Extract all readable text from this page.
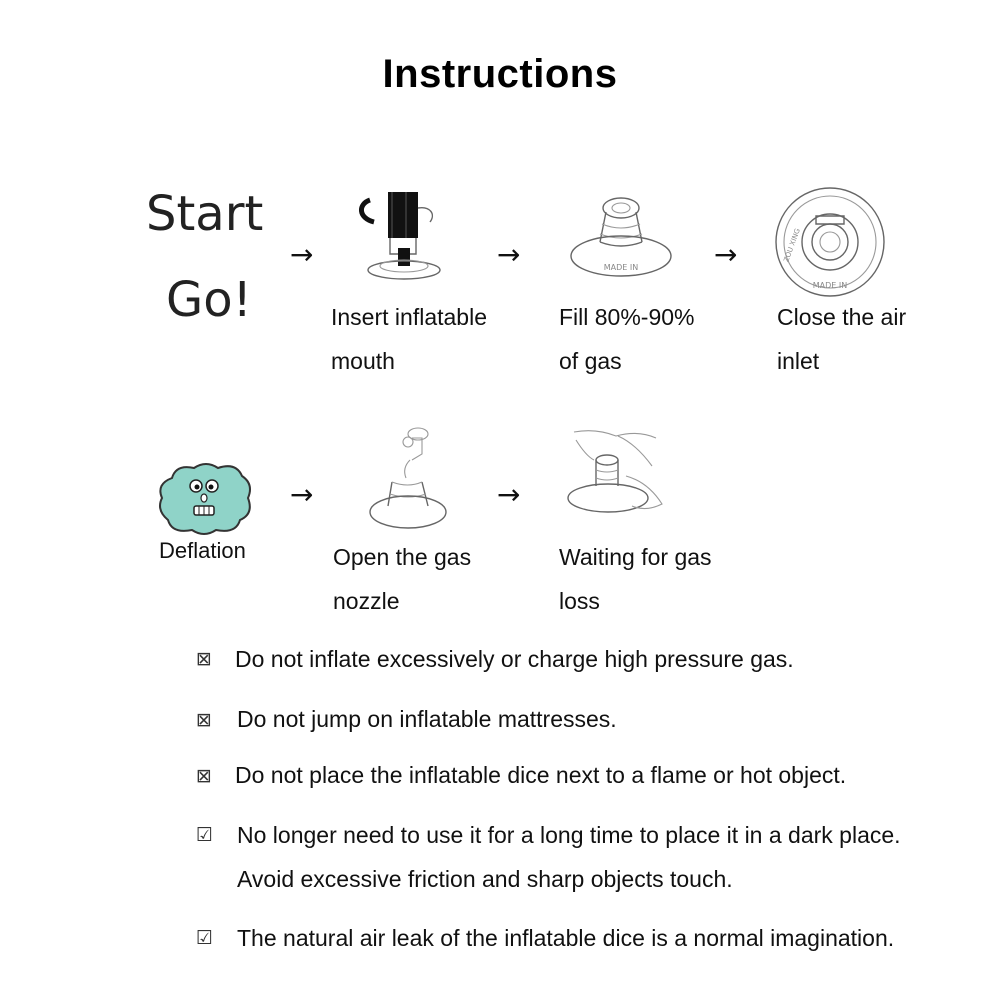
Instructions
Start
Go!
→	→	→
MADE IN
MADE IN
ZOU XING
Insert inflatable
mouth
Fill 80%-90%
of gas
Close the air
inlet
Deflation
→	→
Open the gas
nozzle
Waiting for gas
loss
⊠ Do not inflate excessively or charge high pressure gas.
⊠ Do not jump on inflatable mattresses.
⊠ Do not place the inflatable dice next to a flame or hot object.
☑ No longer need to use it for a long time to place it in a dark place.
Avoid excessive friction and sharp objects touch.
☑ The natural air leak of the inflatable dice is a normal imagination.
